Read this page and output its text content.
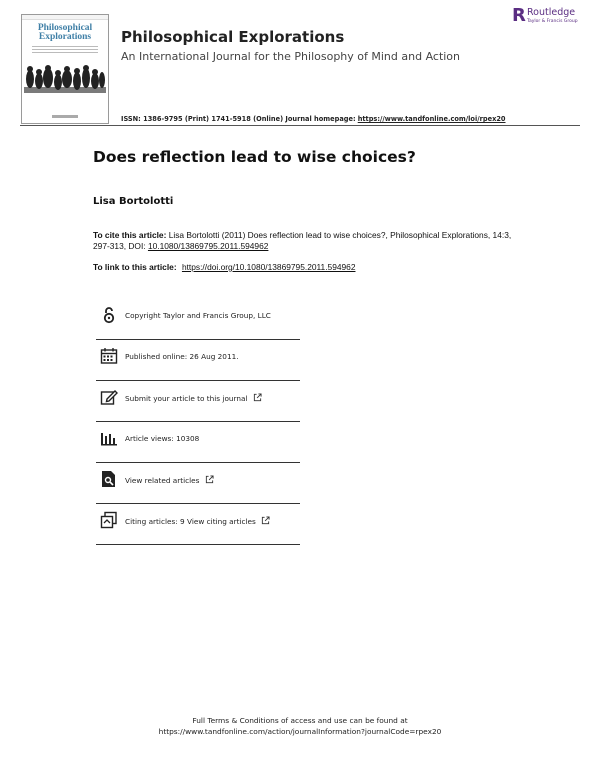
Philosophical Explorations	Philosophical Explorations
An International Journal for the Philosophy of Mind and Action
ISSN: 1386-9795 (Print) 1741-5918 (Online) Journal homepage: https://www.tandfonline.com/loi/rpex20
R Routledge
Taylor & Francis Group
Does reflection lead to wise choices?
Lisa Bortolotti
To cite this article: Lisa Bortolotti (2011) Does reflection lead to wise choices?, Philosophical Explorations, 14:3, 297-313, DOI: 10.1080/13869795.2011.594962
To link to this article: https://doi.org/10.1080/13869795.2011.594962
Copyright Taylor and Francis Group, LLC
Published online: 26 Aug 2011.
Submit your article to this journal
Article views: 10308
View related articles
Citing articles: 9 View citing articles
Full Terms & Conditions of access and use can be found at
https://www.tandfonline.com/action/journalInformation?journalCode=rpex20
